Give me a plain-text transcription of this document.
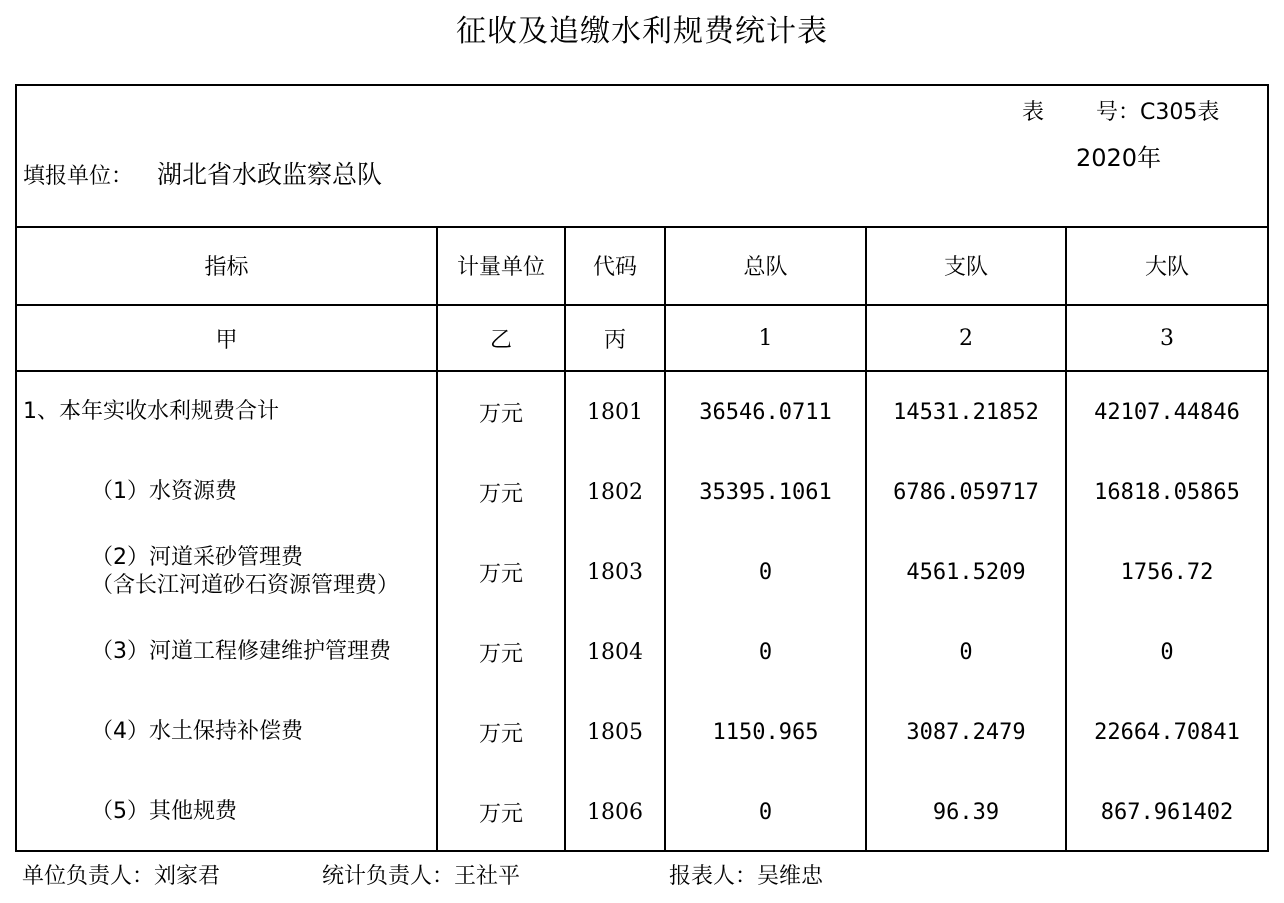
征收及追缴水利规费统计表
表 号：C305表
2020年
填报单位： 湖北省水政监察总队
指标	计量单位	代码	总队	支队	大队
甲	乙	丙	1	2	3
1、本年实收水利规费合计	万元	1801	36546.0711	14531.21852	42107.44846
（1）水资源费	万元	1802	35395.1061	6786.059717	16818.05865

（2）河道采砂管理费
（含长江河道砂石资源管理费）	万元	1803	0	4561.5209	1756.72
（3）河道工程修建维护管理费	万元	1804	0	0	0
（4）水土保持补偿费	万元	1805	1150.965	3087.2479	22664.70841
（5）其他规费	万元	1806	0	96.39	867.961402
单位负责人：刘家君	统计负责人：王社平	报表人：吴维忠
